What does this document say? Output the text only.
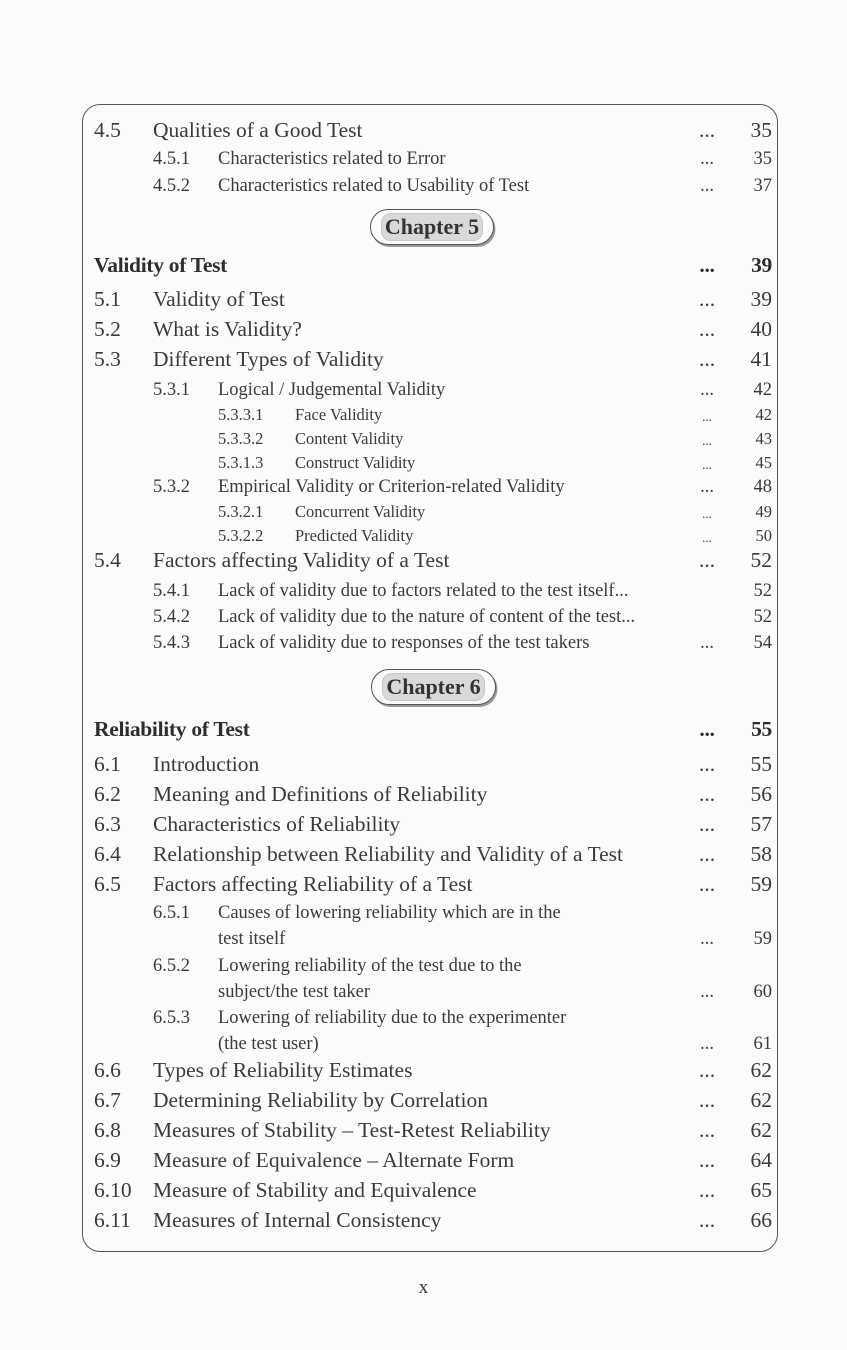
4.5 Qualities of a Good Test	...	35
4.5.1 Characteristics related to Error	...	35
4.5.2 Characteristics related to Usability of Test	...	37
Chapter 5
Validity of Test	...	39
5.1 Validity of Test	...	39
5.2 What is Validity?	...	40
5.3 Different Types of Validity	...	41
5.3.1 Logical / Judgemental Validity	...	42
5.3.3.1 Face Validity	...	42
5.3.3.2 Content Validity	...	43
5.3.1.3 Construct Validity	...	45
5.3.2 Empirical Validity or Criterion-related Validity	...	48
5.3.2.1 Concurrent Validity	...	49
5.3.2.2 Predicted Validity	...	50
5.4 Factors affecting Validity of a Test	...	52
5.4.1 Lack of validity due to factors related to the test itself...	52
5.4.2 Lack of validity due to the nature of content of the test...	52
5.4.3 Lack of validity due to responses of the test takers	...	54
Chapter 6
Reliability of Test	...	55
6.1 Introduction	...	55
6.2 Meaning and Definitions of Reliability	...	56
6.3 Characteristics of Reliability	...	57
6.4 Relationship between Reliability and Validity of a Test	...	58
6.5 Factors affecting Reliability of a Test	...	59
6.5.1 Causes of lowering reliability which are in the
test itself	...	59
6.5.2 Lowering reliability of the test due to the
subject/the test taker	...	60
6.5.3 Lowering of reliability due to the experimenter
(the test user)	...	61
6.6 Types of Reliability Estimates	...	62
6.7 Determining Reliability by Correlation	...	62
6.8 Measures of Stability – Test-Retest Reliability	...	62
6.9 Measure of Equivalence – Alternate Form	...	64
6.10 Measure of Stability and Equivalence	...	65
6.11 Measures of Internal Consistency	...	66
x
